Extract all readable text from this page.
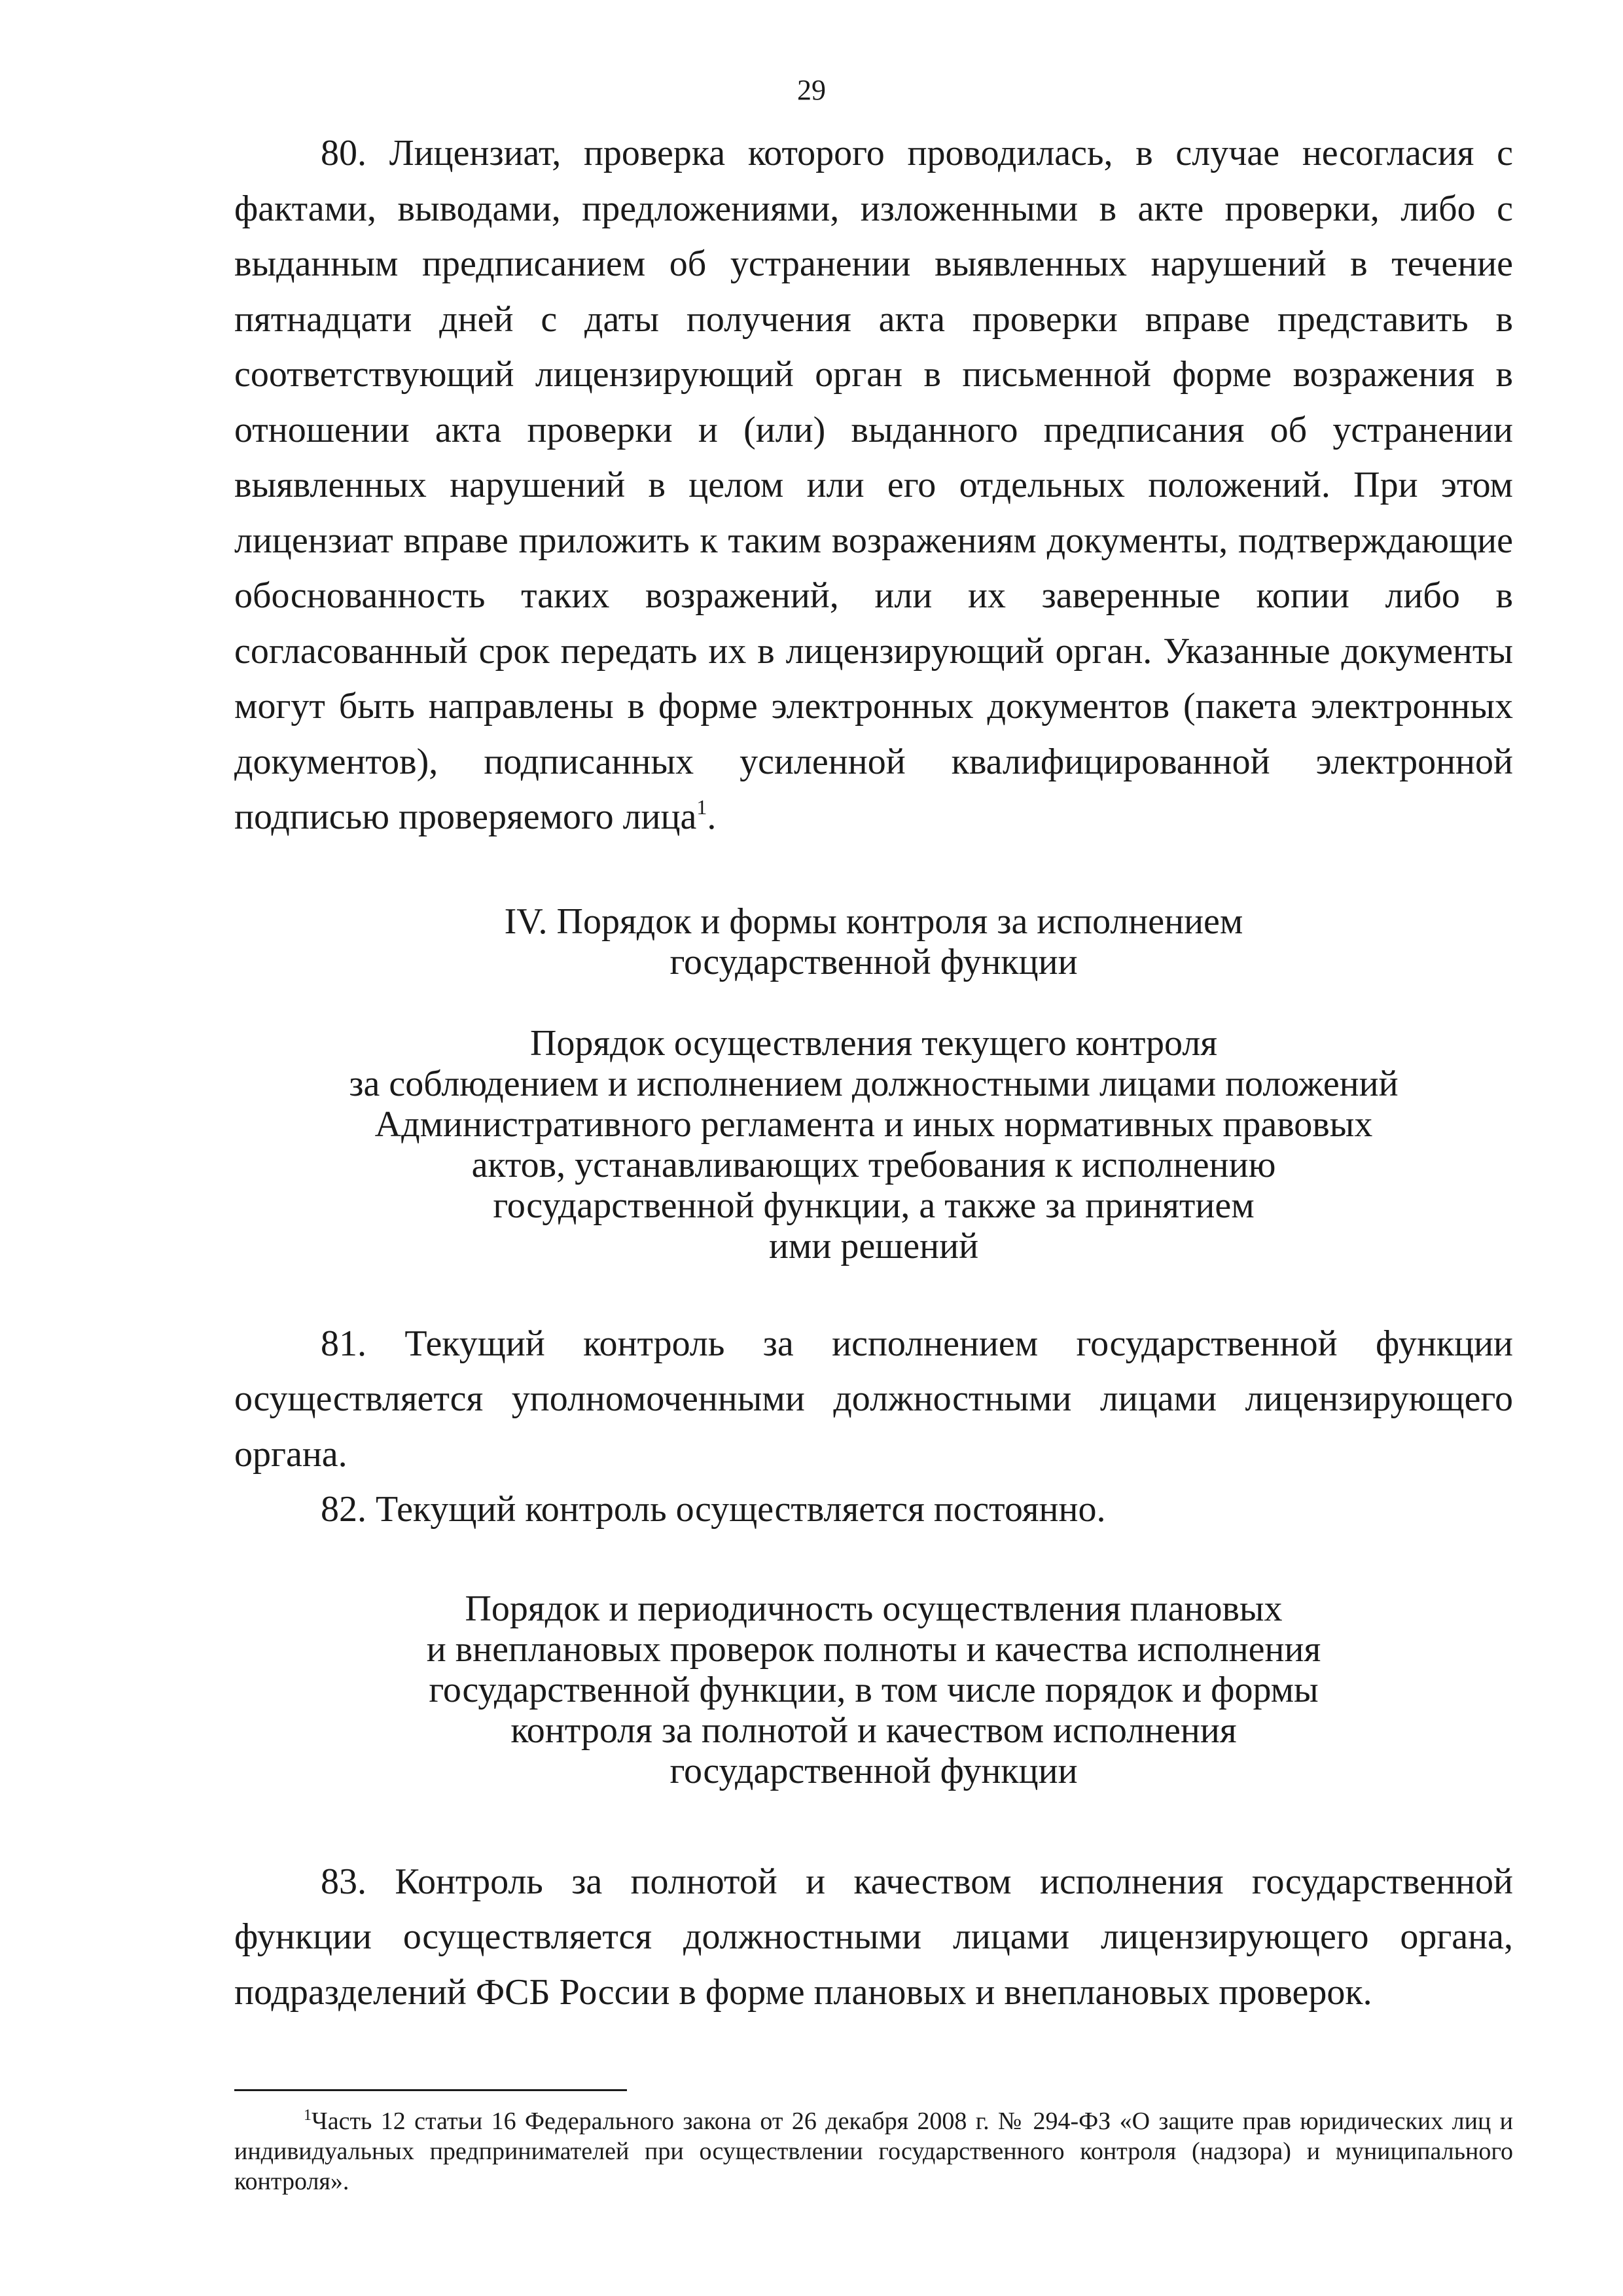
29

80. Лицензиат, проверка которого проводилась, в случае несогласия с фактами, выводами, предложениями, изложенными в акте проверки, либо с выданным предписанием об устранении выявленных нарушений в течение пятнадцати дней с даты получения акта проверки вправе представить в соответствующий лицензирующий орган в письменной форме возражения в отношении акта проверки и (или) выданного предписания об устранении выявленных нарушений в целом или его отдельных положений. При этом лицензиат вправе приложить к таким возражениям документы, подтверждающие обоснованность таких возражений, или их заверенные копии либо в согласованный срок передать их в лицензирующий орган. Указанные документы могут быть направлены в форме электронных документов (пакета электронных документов), подписанных усиленной квалифицированной электронной подписью проверяемого лица$^1$.

IV. Порядок и формы контроля за исполнением
государственной функции
Порядок осуществления текущего контроля
за соблюдением и исполнением должностными лицами положений
Административного регламента и иных нормативных правовых
актов, устанавливающих требования к исполнению
государственной функции, а также за принятием
ими решений

81. Текущий контроль за исполнением государственной функции осуществляется уполномоченными должностными лицами лицензирующего органа.

82. Текущий контроль осуществляется постоянно.

Порядок и периодичность осуществления плановых
и внеплановых проверок полноты и качества исполнения
государственной функции, в том числе порядок и формы
контроля за полнотой и качеством исполнения
государственной функции

83. Контроль за полнотой и качеством исполнения государственной функции осуществляется должностными лицами лицензирующего органа, подразделений ФСБ России в форме плановых и внеплановых проверок.

$^1$Часть 12 статьи 16 Федерального закона от 26 декабря 2008 г. № 294-ФЗ «О защите прав юридических лиц и индивидуальных предпринимателей при осуществлении государственного контроля (надзора) и муниципального контроля».
